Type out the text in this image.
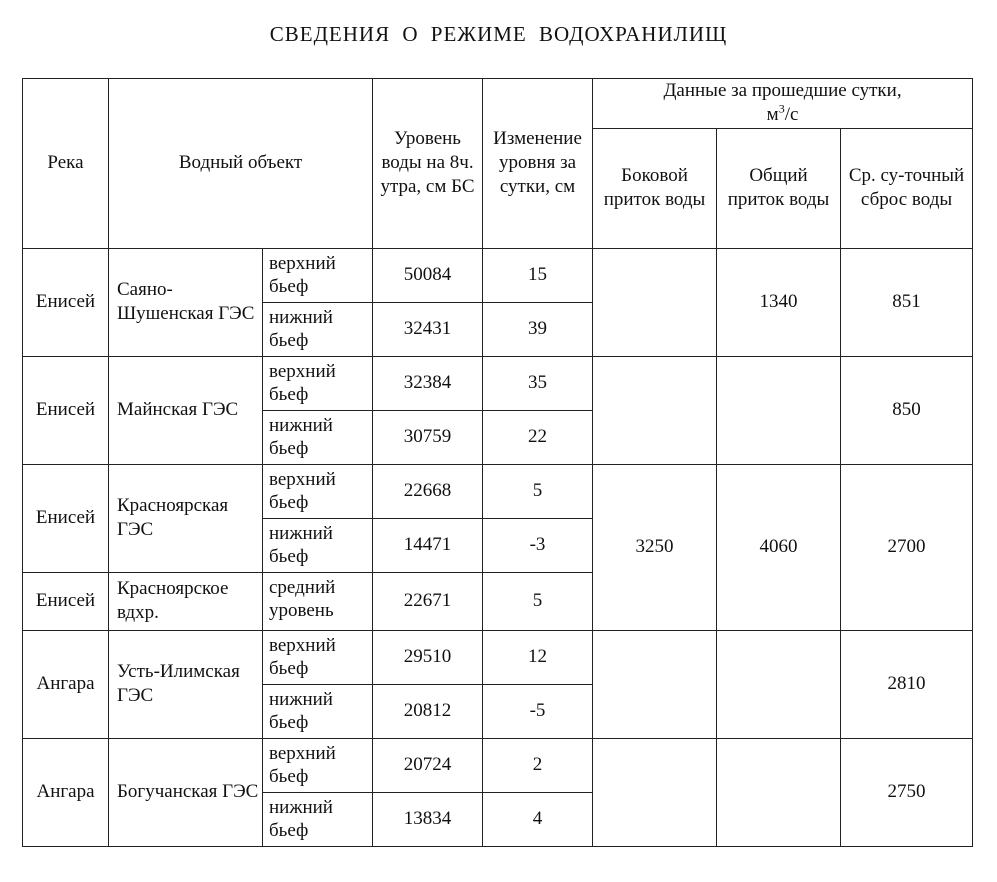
СВЕДЕНИЯ О РЕЖИМЕ ВОДОХРАНИЛИЩ
Река	Водный объект		Уровень воды на 8ч. утра, см БС	Изменение уровня за сутки, см	Данные за прошедшие сутки,
$м^3/с$		
					Боковой приток воды	Общий приток воды	Ср. су-точный сброс воды
Енисей	Саяно-Шушенская ГЭС	верхний бьеф	50084	15		1340	851
		нижний бьеф	32431	39			
Енисей	Майнская ГЭС	верхний бьеф	32384	35			850
		нижний бьеф	30759	22			
Енисей	Красноярская ГЭС	верхний бьеф	22668	5	3250	4060	2700
		нижний бьеф	14471	-3			
Енисей	Красноярское вдхр.	средний уровень	22671	5			
Ангара	Усть-Илимская ГЭС	верхний бьеф	29510	12			2810
		нижний бьеф	20812	-5			
Ангара	Богучанская ГЭС	верхний бьеф	20724	2			2750
		нижний бьеф	13834	4			
